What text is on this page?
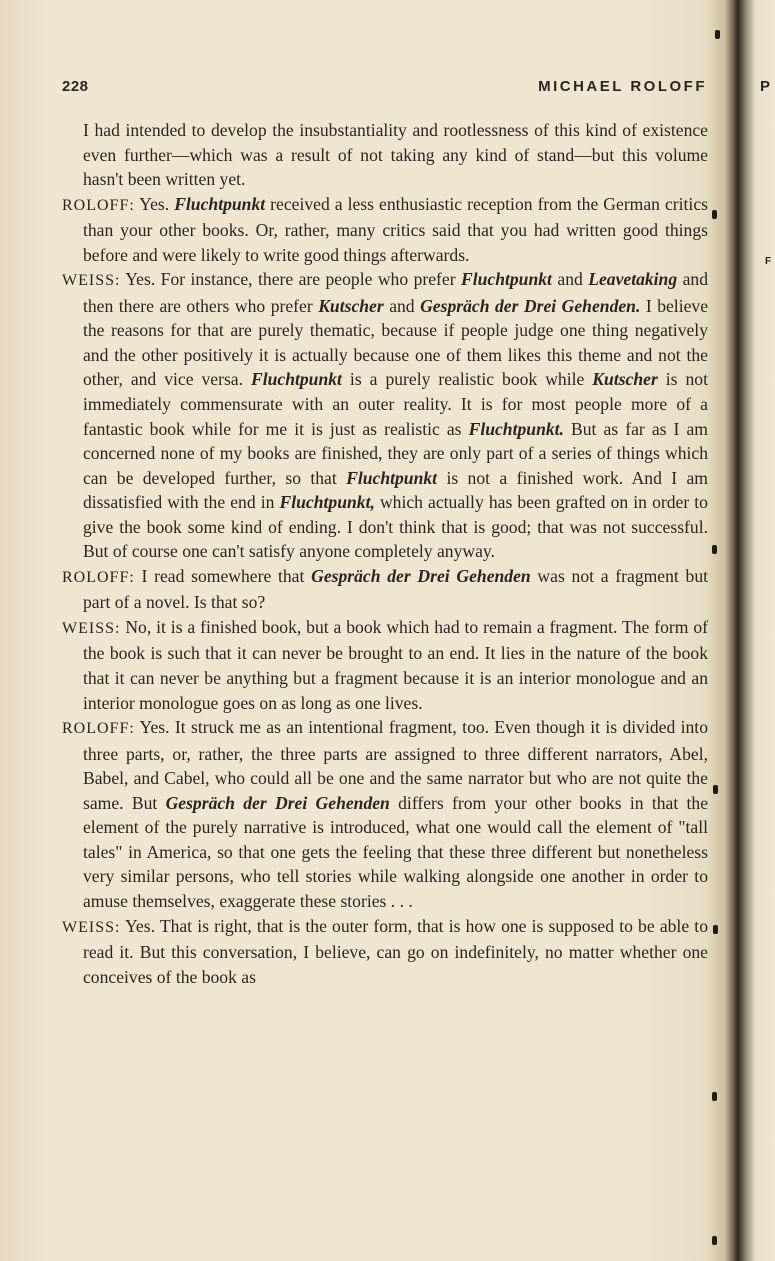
228	MICHAEL ROLOFF	P
F

I had intended to develop the insubstantiality and rootlessness of this kind of existence even further—which was a result of not taking any kind of stand—but this volume hasn't been written yet.

ROLOFF: Yes. Fluchtpunkt received a less enthusiastic reception from the German critics than your other books. Or, rather, many critics said that you had written good things before and were likely to write good things afterwards.

WEISS: Yes. For instance, there are people who prefer Fluchtpunkt and Leavetaking and then there are others who prefer Kutscher and Gespräch der Drei Gehenden. I believe the reasons for that are purely thematic, because if people judge one thing negatively and the other positively it is actually because one of them likes this theme and not the other, and vice versa. Fluchtpunkt is a purely realistic book while Kutscher is not immediately commensurate with an outer reality. It is for most people more of a fantastic book while for me it is just as realistic as Fluchtpunkt. But as far as I am concerned none of my books are finished, they are only part of a series of things which can be developed further, so that Fluchtpunkt is not a finished work. And I am dissatisfied with the end in Fluchtpunkt, which actually has been grafted on in order to give the book some kind of ending. I don't think that is good; that was not successful. But of course one can't satisfy anyone completely anyway.

ROLOFF: I read somewhere that Gespräch der Drei Gehenden was not a fragment but part of a novel. Is that so?

WEISS: No, it is a finished book, but a book which had to remain a fragment. The form of the book is such that it can never be brought to an end. It lies in the nature of the book that it can never be anything but a fragment because it is an interior monologue and an interior monologue goes on as long as one lives.

ROLOFF: Yes. It struck me as an intentional fragment, too. Even though it is divided into three parts, or, rather, the three parts are assigned to three different narrators, Abel, Babel, and Cabel, who could all be one and the same narrator but who are not quite the same. But Gespräch der Drei Gehenden differs from your other books in that the element of the purely narrative is introduced, what one would call the element of "tall tales" in America, so that one gets the feeling that these three different but nonetheless very similar persons, who tell stories while walking alongside one another in order to amuse themselves, exaggerate these stories . . .

WEISS: Yes. That is right, that is the outer form, that is how one is supposed to be able to read it. But this conversation, I believe, can go on indefinitely, no matter whether one conceives of the book as
